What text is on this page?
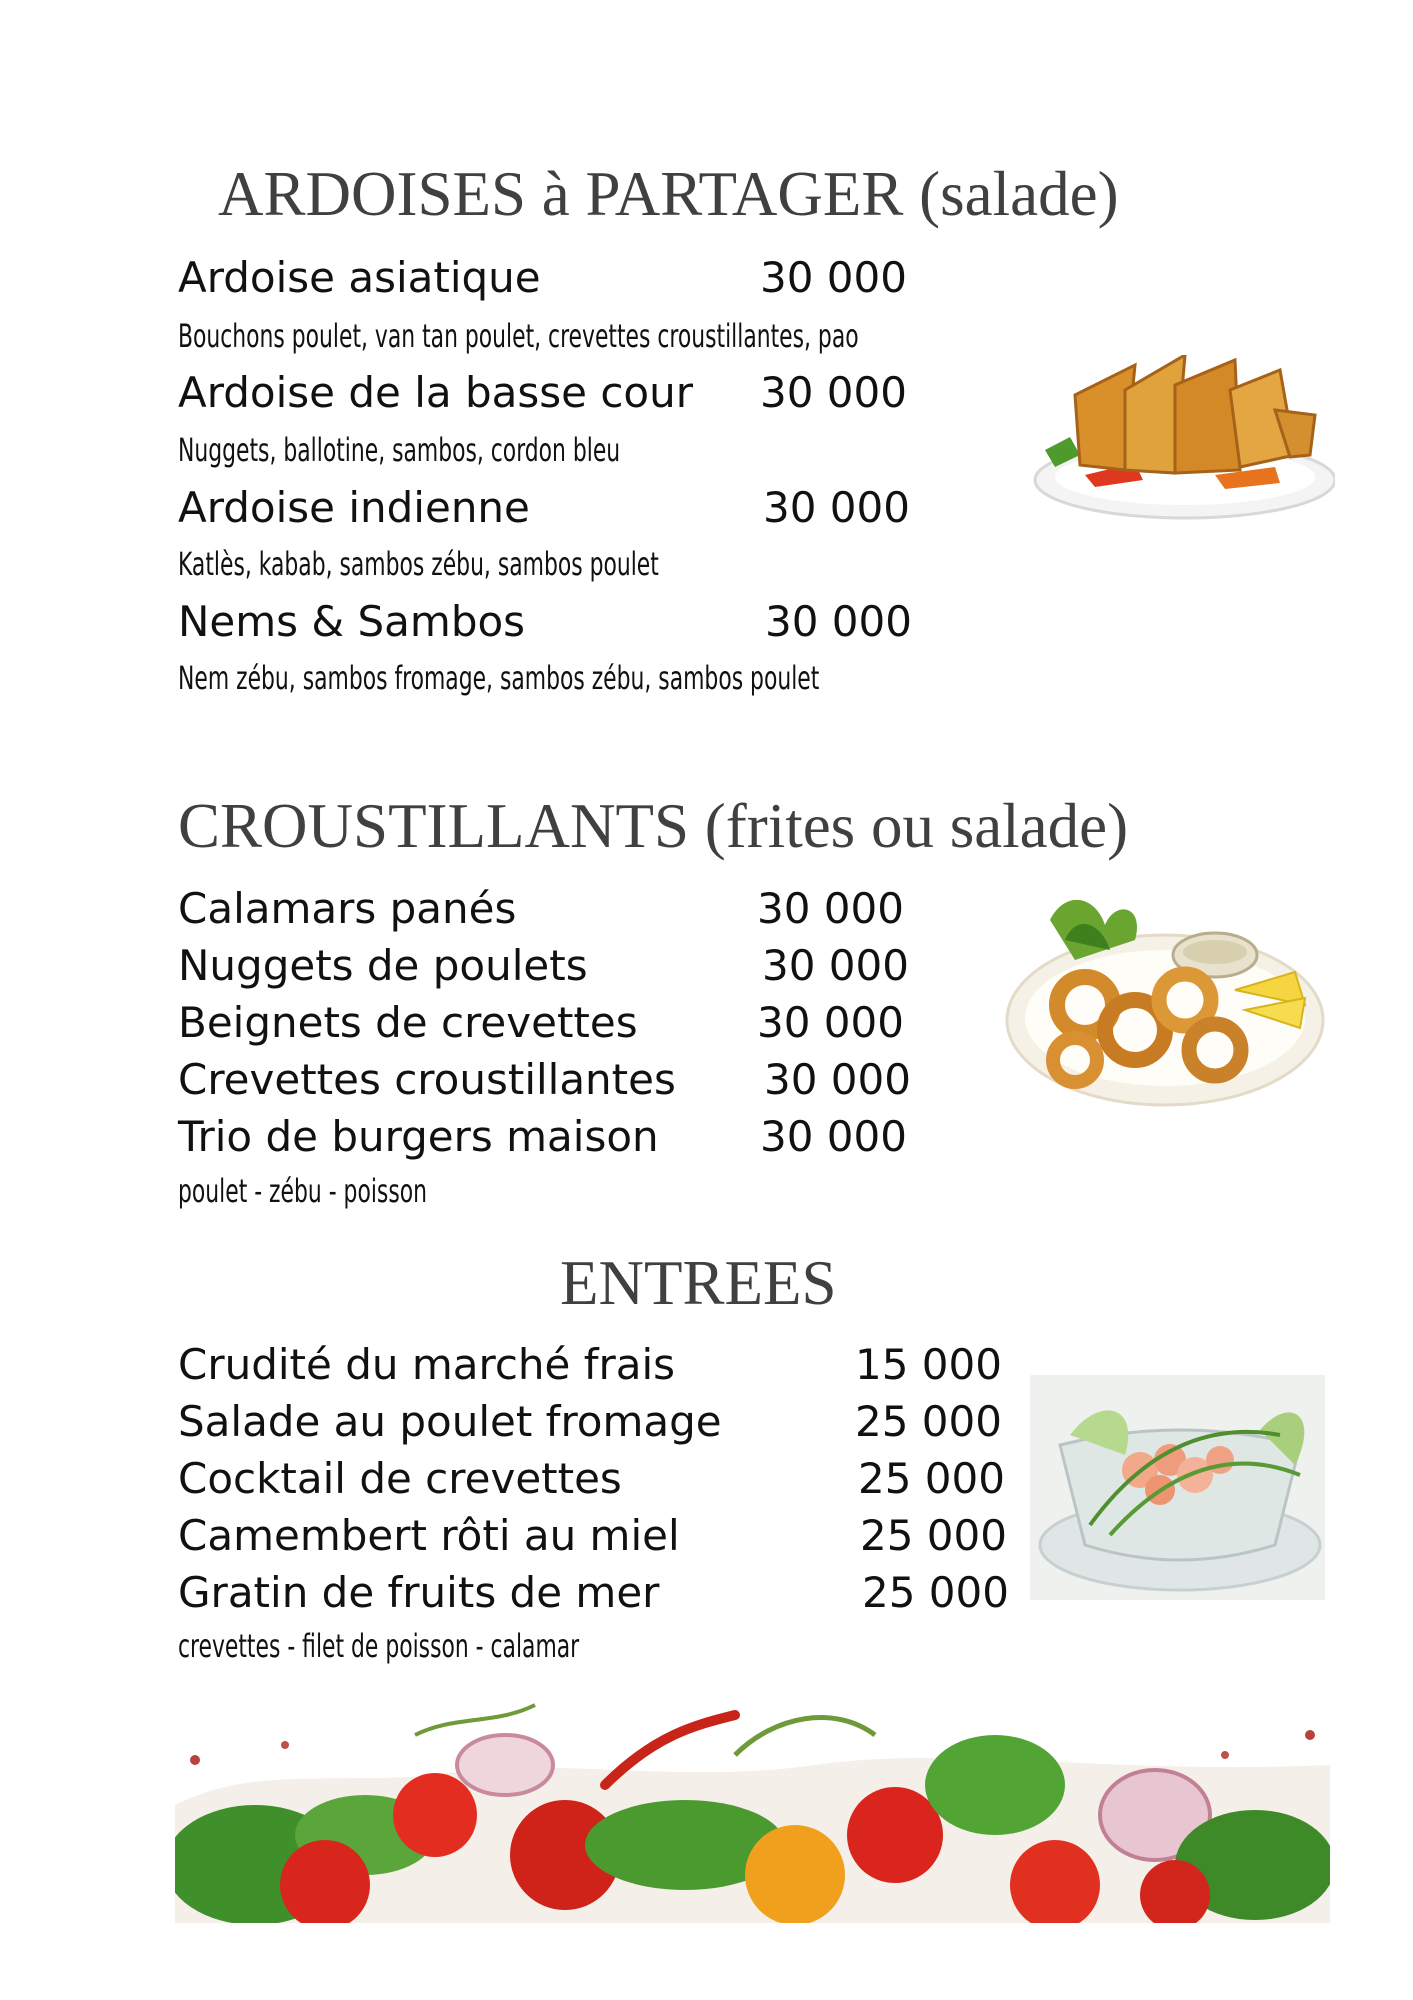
ARDOISES à PARTAGER (salade)
Ardoise asiatique	30 000
Bouchons poulet, van tan poulet, crevettes croustillantes, pao
Ardoise de la basse cour 30 000
Nuggets, ballotine, sambos, cordon bleu
Ardoise indienne	30 000
Katlès, kabab, sambos zébu, sambos poulet
Nems & Sambos	30 000
Nem zébu, sambos fromage, sambos zébu, sambos poulet
CROUSTILLANTS (frites ou salade)
Calamars panés	30 000
Nuggets de poulets	30 000
Beignets de crevettes	30 000
Crevettes croustillantes 30 000
Trio de burgers maison 30 000
poulet - zébu - poisson
ENTREES
Crudité du marché frais	15 000
Salade au poulet fromage	25 000
Cocktail de crevettes	25 000
Camembert rôti au miel	25 000
Gratin de fruits de mer	25 000
crevettes - filet de poisson - calamar
